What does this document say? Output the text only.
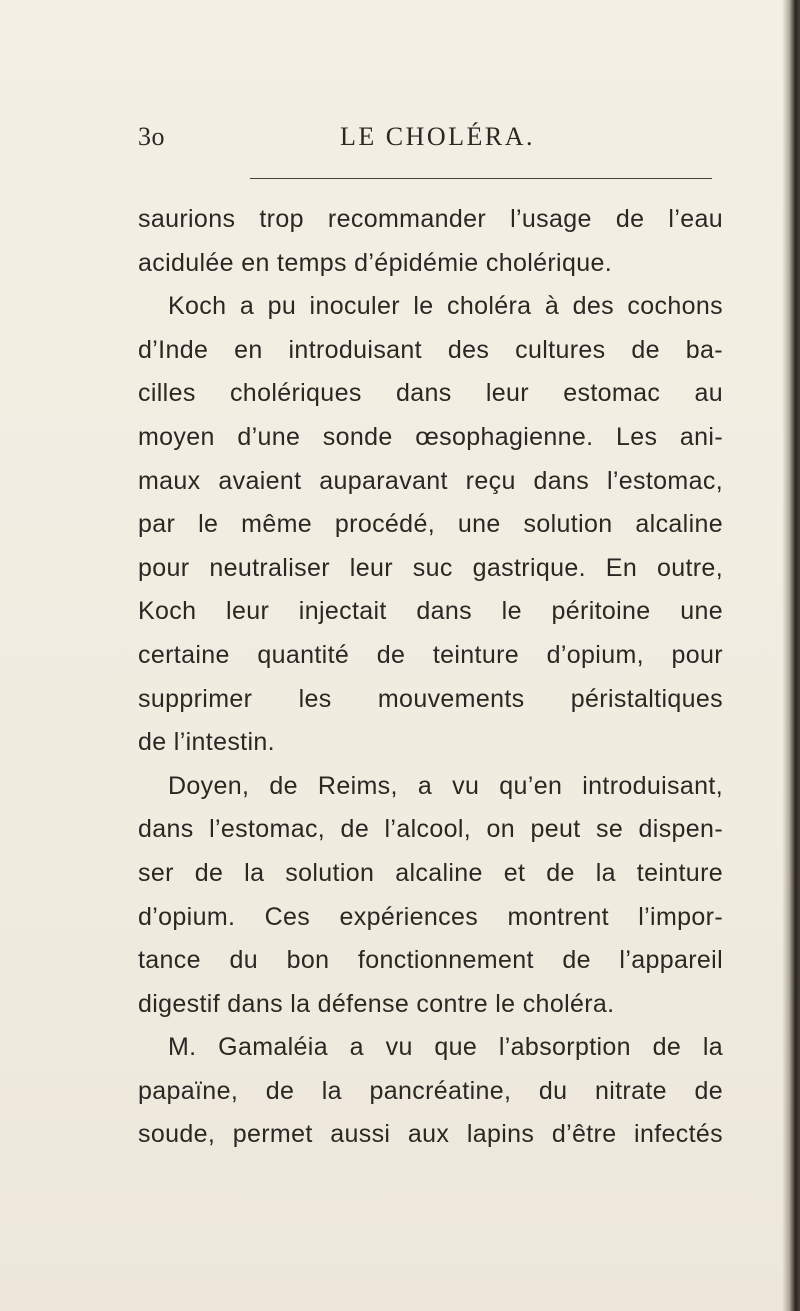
3o	LE CHOLÉRA.
saurions trop recommander l’usage de l’eau
acidulée en temps d’épidémie cholérique.
Koch a pu inoculer le choléra à des cochons
d’Inde en introduisant des cultures de ba-
cilles cholériques dans leur estomac au
moyen d’une sonde œsophagienne. Les ani-
maux avaient auparavant reçu dans l’estomac,
par le même procédé, une solution alcaline
pour neutraliser leur suc gastrique. En outre,
Koch leur injectait dans le péritoine une
certaine quantité de teinture d’opium, pour
supprimer les mouvements péristaltiques
de l’intestin.
Doyen, de Reims, a vu qu’en introduisant,
dans l’estomac, de l’alcool, on peut se dispen-
ser de la solution alcaline et de la teinture
d’opium. Ces expériences montrent l’impor-
tance du bon fonctionnement de l’appareil
digestif dans la défense contre le choléra.
M. Gamaléia a vu que l’absorption de la
papaïne, de la pancréatine, du nitrate de
soude, permet aussi aux lapins d’être infectés
